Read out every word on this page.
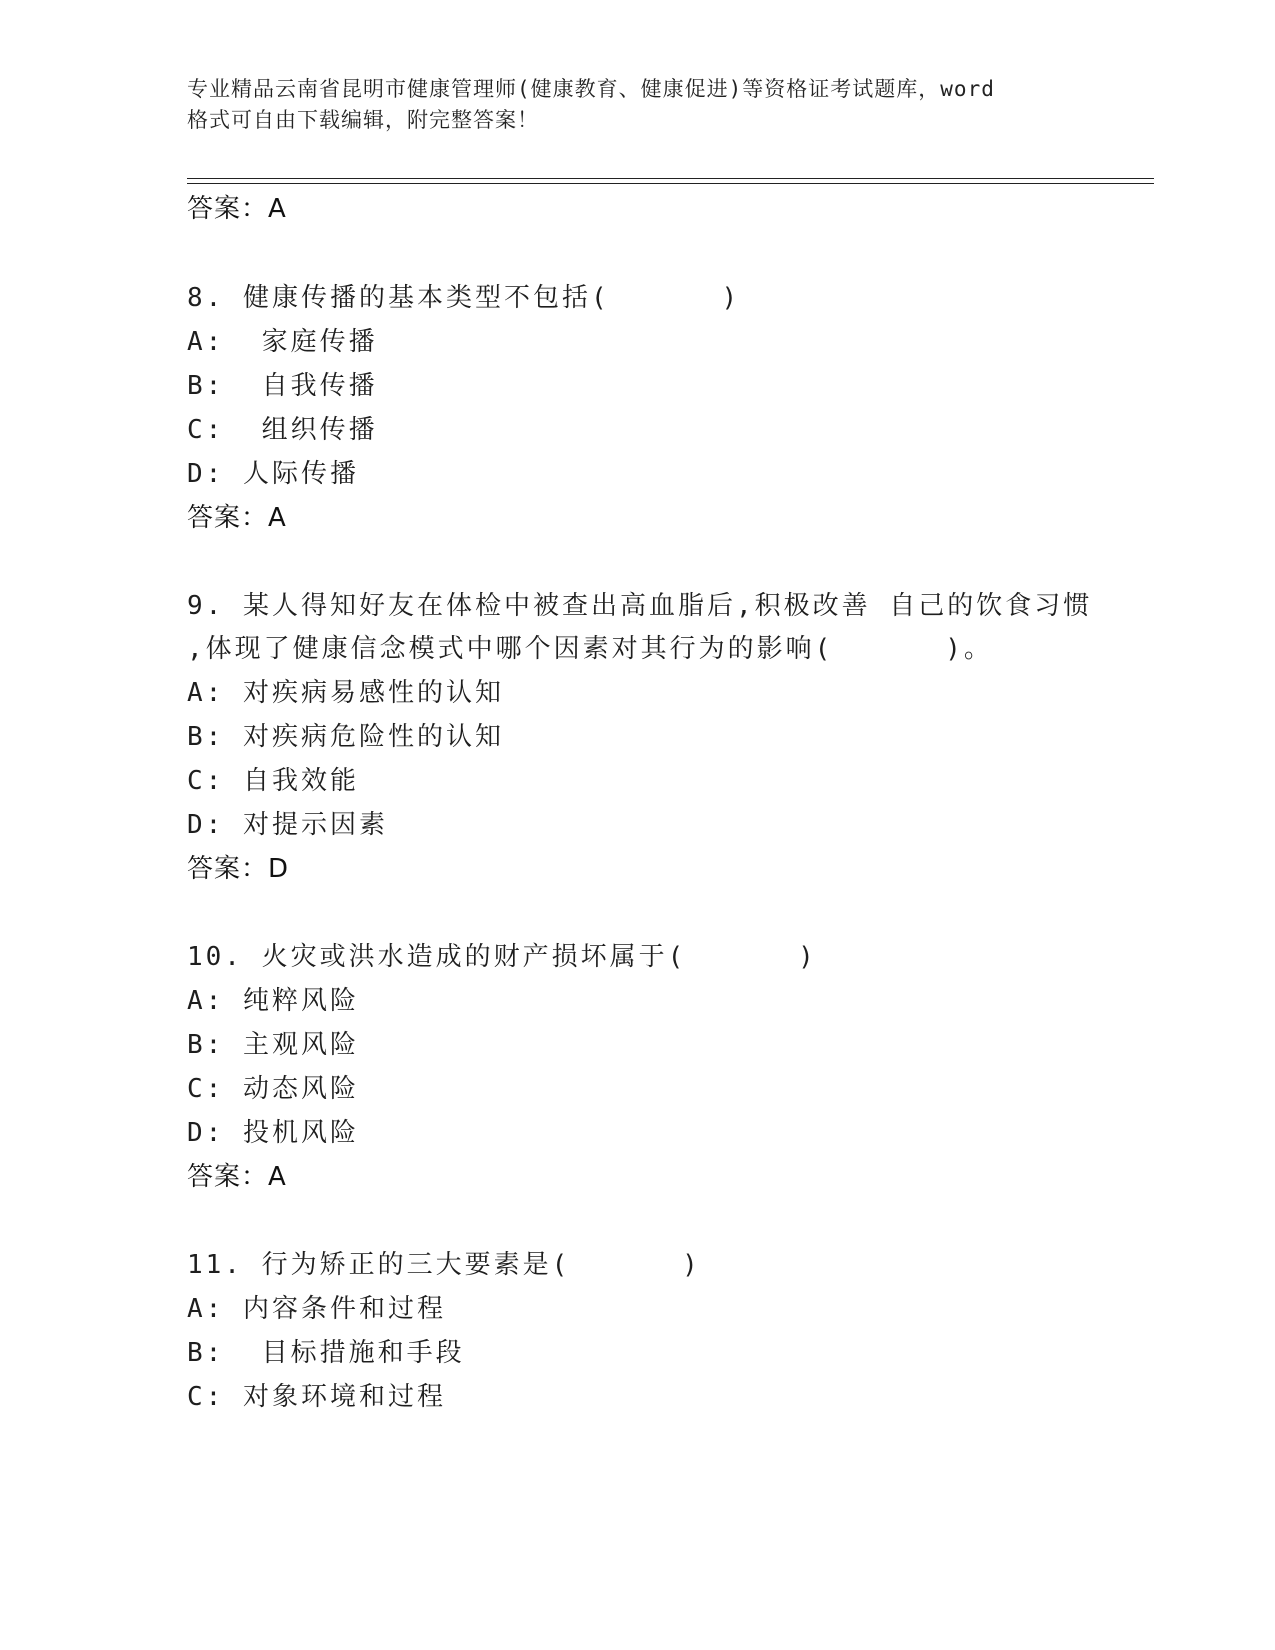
专业精品云南省昆明市健康管理师(健康教育、健康促进)等资格证考试题库，word
格式可自由下载编辑，附完整答案！
答案：A
8. 健康传播的基本类型不包括(      )
A:  家庭传播
B:  自我传播
C:  组织传播
D: 人际传播
答案：A
9. 某人得知好友在体检中被查出高血脂后,积极改善 自己的饮食习惯
,体现了健康信念模式中哪个因素对其行为的影响(      )。
A: 对疾病易感性的认知
B: 对疾病危险性的认知
C: 自我效能
D: 对提示因素
答案：D
10. 火灾或洪水造成的财产损坏属于(      )
A: 纯粹风险
B: 主观风险
C: 动态风险
D: 投机风险
答案：A
11. 行为矫正的三大要素是(      )
A: 内容条件和过程
B:  目标措施和手段
C: 对象环境和过程
